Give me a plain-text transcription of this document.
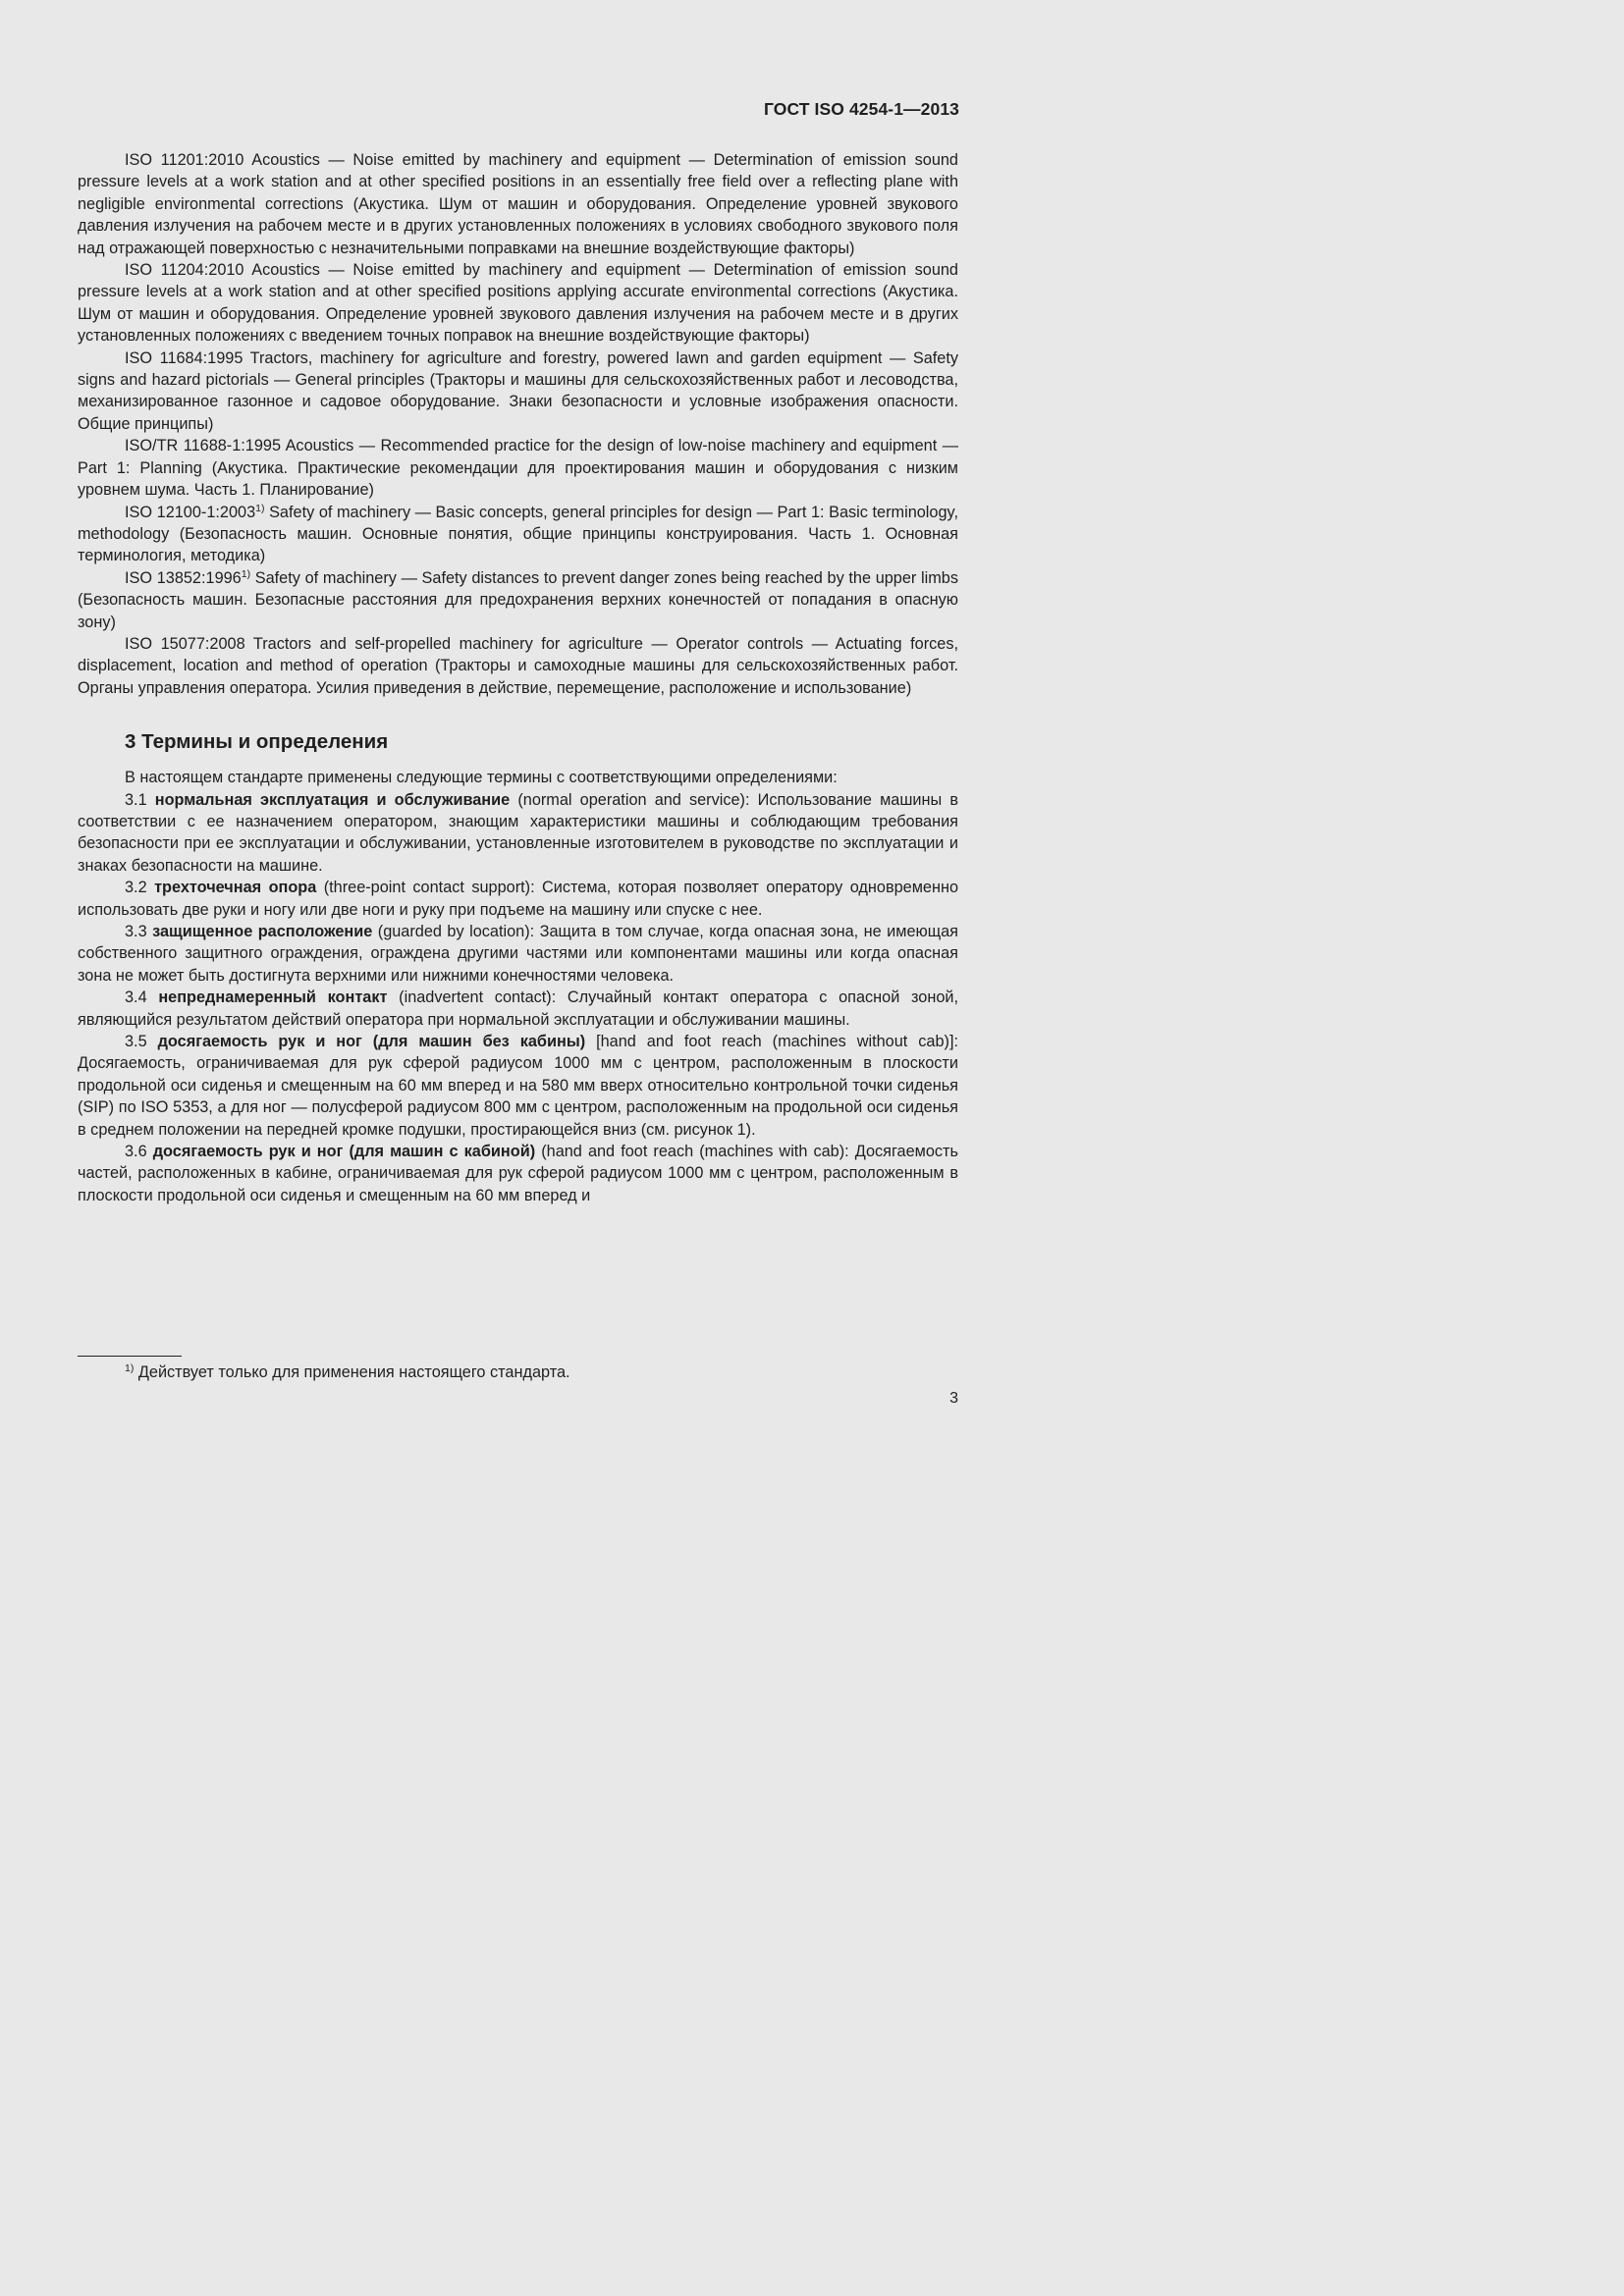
ГОСТ ISO 4254-1—2013

ISO 11201:2010 Acoustics — Noise emitted by machinery and equipment — Determination of emission sound pressure levels at a work station and at other specified positions in an essentially free field over a reflecting plane with negligible environmental corrections (Акустика. Шум от машин и оборудования. Определение уровней звукового давления излучения на рабочем месте и в других установленных положениях в условиях свободного звукового поля над отражающей поверхностью с незначительными поправками на внешние воздействующие факторы)

ISO 11204:2010 Acoustics — Noise emitted by machinery and equipment — Determination of emission sound pressure levels at a work station and at other specified positions applying accurate environmental corrections (Акустика. Шум от машин и оборудования. Определение уровней звукового давления излучения на рабочем месте и в других установленных положениях с введением точных поправок на внешние воздействующие факторы)

ISO 11684:1995 Tractors, machinery for agriculture and forestry, powered lawn and garden equipment — Safety signs and hazard pictorials — General principles (Тракторы и машины для сельскохозяйственных работ и лесоводства, механизированное газонное и садовое оборудование. Знаки безопасности и условные изображения опасности. Общие принципы)

ISO/TR 11688-1:1995 Acoustics — Recommended practice for the design of low-noise machinery and equipment — Part 1: Planning (Акустика. Практические рекомендации для проектирования машин и оборудования с низким уровнем шума. Часть 1. Планирование)

ISO 12100-1:2003$^{1)}$ Safety of machinery — Basic concepts, general principles for design — Part 1: Basic terminology, methodology (Безопасность машин. Основные понятия, общие принципы конструирования. Часть 1. Основная терминология, методика)

ISO 13852:1996$^{1)}$ Safety of machinery — Safety distances to prevent danger zones being reached by the upper limbs (Безопасность машин. Безопасные расстояния для предохранения верхних конечностей от попадания в опасную зону)

ISO 15077:2008 Tractors and self-propelled machinery for agriculture — Operator controls — Actuating forces, displacement, location and method of operation (Тракторы и самоходные машины для сельскохозяйственных работ. Органы управления оператора. Усилия приведения в действие, перемещение, расположение и использование)

3 Термины и определения

В настоящем стандарте применены следующие термины с соответствующими определениями:

3.1 нормальная эксплуатация и обслуживание (normal operation and service): Использование машины в соответствии с ее назначением оператором, знающим характеристики машины и соблюдающим требования безопасности при ее эксплуатации и обслуживании, установленные изготовителем в руководстве по эксплуатации и знаках безопасности на машине.

3.2 трехточечная опора (three-point contact support): Система, которая позволяет оператору одновременно использовать две руки и ногу или две ноги и руку при подъеме на машину или спуске с нее.

3.3 защищенное расположение (guarded by location): Защита в том случае, когда опасная зона, не имеющая собственного защитного ограждения, ограждена другими частями или компонентами машины или когда опасная зона не может быть достигнута верхними или нижними конечностями человека.

3.4 непреднамеренный контакт (inadvertent contact): Случайный контакт оператора с опасной зоной, являющийся результатом действий оператора при нормальной эксплуатации и обслуживании машины.

3.5 досягаемость рук и ног (для машин без кабины) [hand and foot reach (machines without cab)]: Досягаемость, ограничиваемая для рук сферой радиусом 1000 мм с центром, расположенным в плоскости продольной оси сиденья и смещенным на 60 мм вперед и на 580 мм вверх относительно контрольной точки сиденья (SIP) по ISO 5353, а для ног — полусферой радиусом 800 мм с центром, расположенным на продольной оси сиденья в среднем положении на передней кромке подушки, простирающейся вниз (см. рисунок 1).

3.6 досягаемость рук и ног (для машин с кабиной) (hand and foot reach (machines with cab): Досягаемость частей, расположенных в кабине, ограничиваемая для рук сферой радиусом 1000 мм с центром, расположенным в плоскости продольной оси сиденья и смещенным на 60 мм вперед и

$^{1)}$ Действует только для применения настоящего стандарта.
3
